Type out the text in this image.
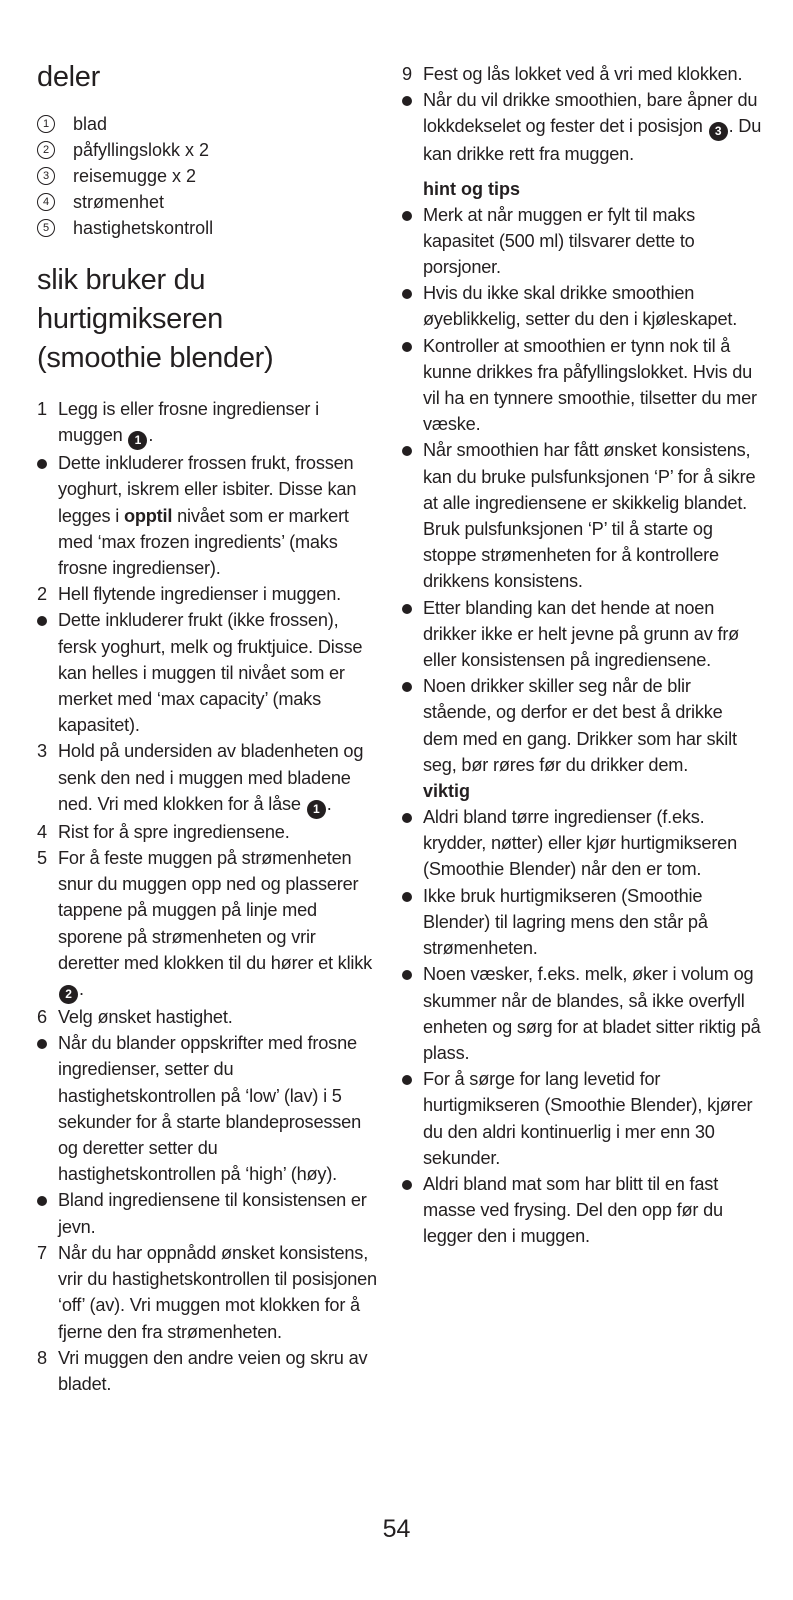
deler
1	blad
2	påfyllingslokk x 2
3	reisemugge x 2
4	strømenhet
5	hastighetskontroll
slik bruker du
hurtigmikseren
(smoothie blender)
1 Legg is eller frosne ingredienser i muggen 1 .
Dette inkluderer frossen frukt, frossen yoghurt, iskrem eller isbiter. Disse kan legges i opptil nivået som er markert med ‘max frozen ingredients’ (maks frosne ingredienser).
2 Hell flytende ingredienser i muggen.
Dette inkluderer frukt (ikke frossen), fersk yoghurt, melk og fruktjuice. Disse kan helles i muggen til nivået som er merket med ‘max capacity’ (maks kapasitet).
3 Hold på undersiden av bladenheten og senk den ned i muggen med bladene ned. Vri med klokken for å låse 1 .
4 Rist for å spre ingrediensene.
5 For å feste muggen på strømenheten snur du muggen opp ned og plasserer tappene på muggen på linje med sporene på strømenheten og vrir deretter med klokken til du hører et klikk 2 .
6 Velg ønsket hastighet.
Når du blander oppskrifter med frosne ingredienser, setter du hastighetskontrollen på ‘low’ (lav) i 5 sekunder for å starte blandeprosessen og deretter setter du hastighetskontrollen på ‘high’ (høy).
Bland ingrediensene til konsistensen er jevn.
7 Når du har oppnådd ønsket konsistens, vrir du hastighetskontrollen til posisjonen ‘off’ (av). Vri muggen mot klokken for å fjerne den fra strømenheten.
8 Vri muggen den andre veien og skru av bladet.
9 Fest og lås lokket ved å vri med klokken.
Når du vil drikke smoothien, bare åpner du lokkdekselet og fester det i posisjon 3 . Du kan drikke rett fra muggen.
hint og tips
Merk at når muggen er fylt til maks kapasitet (500 ml) tilsvarer dette to porsjoner.
Hvis du ikke skal drikke smoothien øyeblikkelig, setter du den i kjøleskapet.
Kontroller at smoothien er tynn nok til å kunne drikkes fra påfyllingslokket. Hvis du vil ha en tynnere smoothie, tilsetter du mer væske.
Når smoothien har fått ønsket konsistens, kan du bruke pulsfunksjonen ‘P’ for å sikre at alle ingrediensene er skikkelig blandet. Bruk pulsfunksjonen ‘P’ til å starte og stoppe strømenheten for å kontrollere drikkens konsistens.
Etter blanding kan det hende at noen drikker ikke er helt jevne på grunn av frø eller konsistensen på ingrediensene.
Noen drikker skiller seg når de blir stående, og derfor er det best å drikke dem med en gang. Drikker som har skilt seg, bør røres før du drikker dem.
viktig
Aldri bland tørre ingredienser (f.eks. krydder, nøtter) eller kjør hurtigmikseren (Smoothie Blender) når den er tom.
Ikke bruk hurtigmikseren (Smoothie Blender) til lagring mens den står på strømenheten.
Noen væsker, f.eks. melk, øker i volum og skummer når de blandes, så ikke overfyll enheten og sørg for at bladet sitter riktig på plass.
For å sørge for lang levetid for hurtigmikseren (Smoothie Blender), kjører du den aldri kontinuerlig i mer enn 30 sekunder.
Aldri bland mat som har blitt til en fast masse ved frysing. Del den opp før du legger den i muggen.
54
